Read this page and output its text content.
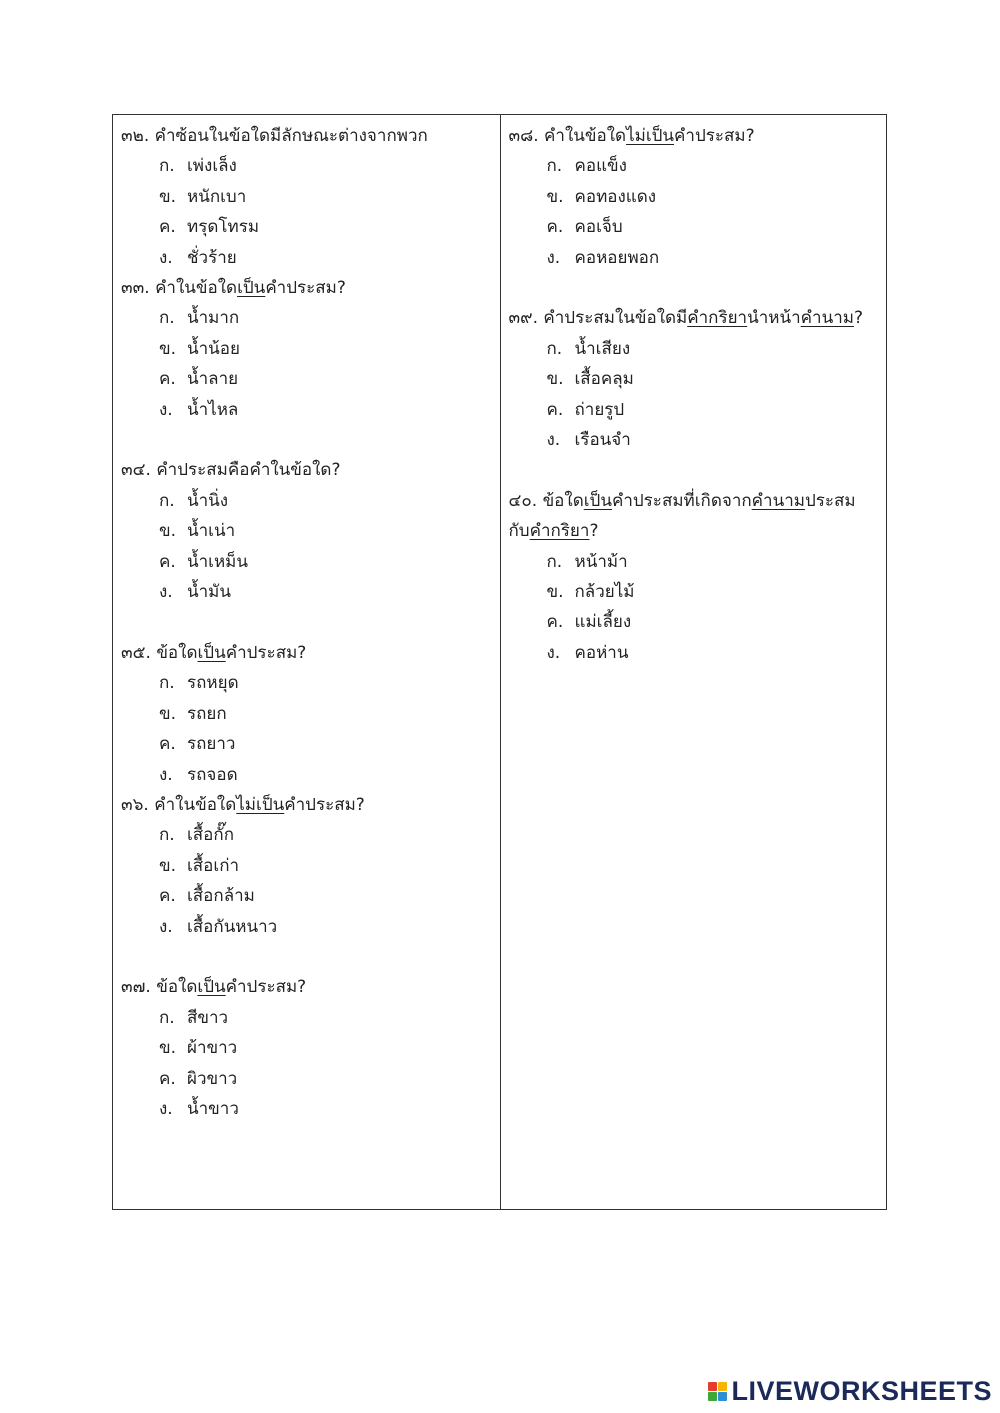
๓๒. คำซ้อนในข้อใดมีลักษณะต่างจากพวก
ก. เพ่งเล็ง
ข. หนักเบา
ค. ทรุดโทรม
ง. ชั่วร้าย
๓๓. คำในข้อใดเป็นคำประสม?
ก. น้ำมาก
ข. น้ำน้อย
ค. น้ำลาย
ง. น้ำไหล
๓๔. คำประสมคือคำในข้อใด?
ก. น้ำนิ่ง
ข. น้ำเน่า
ค. น้ำเหม็น
ง. น้ำมัน
๓๕. ข้อใดเป็นคำประสม?
ก. รถหยุด
ข. รถยก
ค. รถยาว
ง. รถจอด
๓๖. คำในข้อใดไม่เป็นคำประสม?
ก. เสื้อกั๊ก
ข. เสื้อเก่า
ค. เสื้อกล้าม
ง. เสื้อกันหนาว
๓๗. ข้อใดเป็นคำประสม?
ก. สีขาว
ข. ผ้าขาว
ค. ผิวขาว
ง. น้ำขาว
๓๘. คำในข้อใดไม่เป็นคำประสม?
ก. คอแข็ง
ข. คอทองแดง
ค. คอเจ็บ
ง. คอหอยพอก
๓๙. คำประสมในข้อใดมีคำกริยานำหน้าคำนาม?
ก. น้ำเสียง
ข. เสื้อคลุม
ค. ถ่ายรูป
ง. เรือนจำ
๔๐. ข้อใดเป็นคำประสมที่เกิดจากคำนามประสมกับคำกริยา?
ก. หน้าม้า
ข. กล้วยไม้
ค. แม่เลี้ยง
ง. คอห่าน
LIVEWORKSHEETS
